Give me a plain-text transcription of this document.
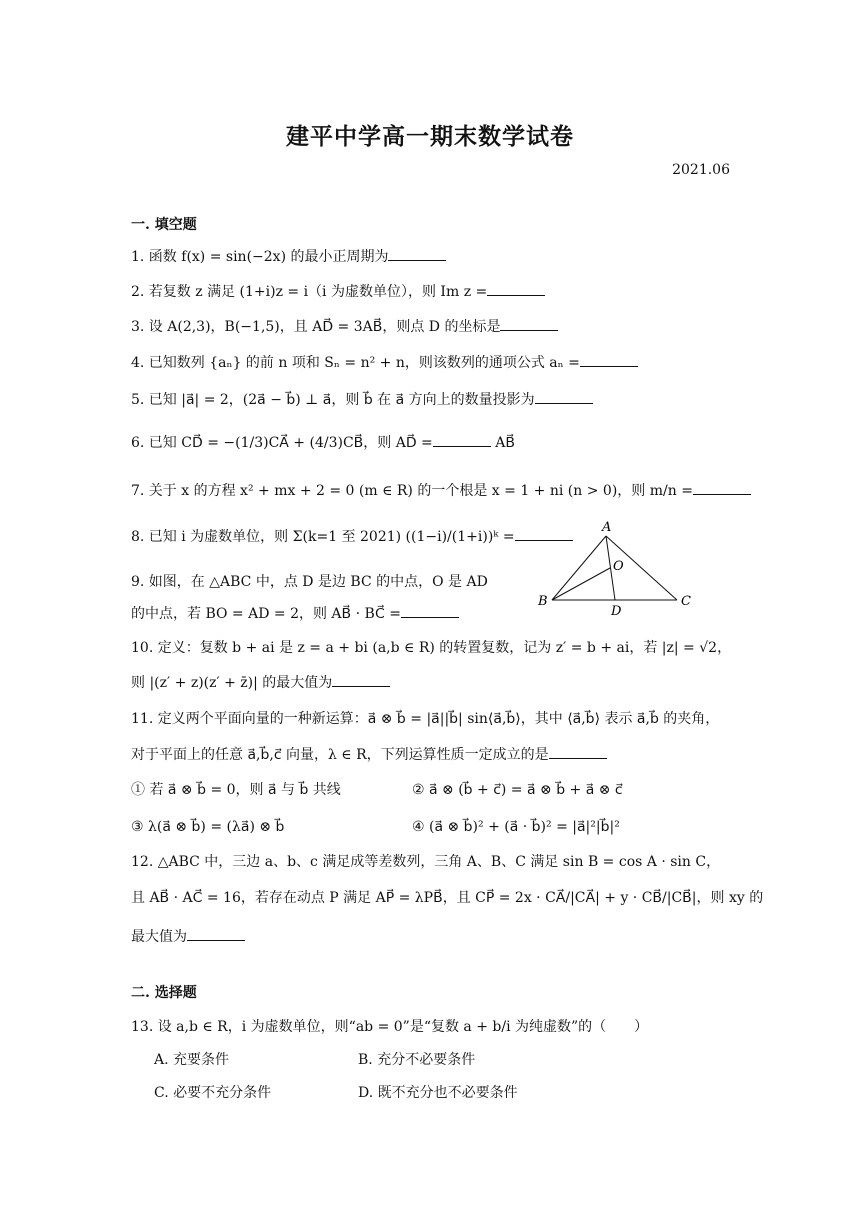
建平中学高一期末数学试卷
2021.06
一. 填空题
1. 函数 f(x) = sin(−2x) 的最小正周期为
2. 若复数 z 满足 (1+i)z = i（i 为虚数单位），则 Im z =
3. 设 A(2,3)，B(−1,5)，且 AD⃗ = 3AB⃗，则点 D 的坐标是
4. 已知数列 {aₙ} 的前 n 项和 Sₙ = n² + n，则该数列的通项公式 aₙ =
5. 已知 |a⃗| = 2，(2a⃗ − b⃗) ⊥ a⃗，则 b⃗ 在 a⃗ 方向上的数量投影为
6. 已知 CD⃗ = −(1/3)CA⃗ + (4/3)CB⃗，则 AD⃗ =	AB⃗
7. 关于 x 的方程 x² + mx + 2 = 0 (m ∈ R) 的一个根是 x = 1 + ni (n > 0)，则 m/n =
8. 已知 i 为虚数单位，则 Σ(k=1 至 2021) ((1−i)/(1+i))ᵏ =
9. 如图，在 △ABC 中，点 D 是边 BC 的中点，O 是 AD
的中点，若 BO = AD = 2，则 AB⃗ · BC⃗ =
A
B	C
D
O
10. 定义：复数 b + ai 是 z = a + bi (a,b ∈ R) 的转置复数，记为 z′ = b + ai，若 |z| = √2，
则 |(z′ + z)(z′ + z̄)| 的最大值为
11. 定义两个平面向量的一种新运算：a⃗ ⊗ b⃗ = |a⃗||b⃗| sin⟨a⃗,b⃗⟩，其中 ⟨a⃗,b⃗⟩ 表示 a⃗,b⃗ 的夹角，
对于平面上的任意 a⃗,b⃗,c⃗ 向量，λ ∈ R，下列运算性质一定成立的是
① 若 a⃗ ⊗ b⃗ = 0，则 a⃗ 与 b⃗ 共线	② a⃗ ⊗ (b⃗ + c⃗) = a⃗ ⊗ b⃗ + a⃗ ⊗ c⃗
③ λ(a⃗ ⊗ b⃗) = (λa⃗) ⊗ b⃗	④ (a⃗ ⊗ b⃗)² + (a⃗ · b⃗)² = |a⃗|²|b⃗|²
12. △ABC 中，三边 a、b、c 满足成等差数列，三角 A、B、C 满足 sin B = cos A · sin C，
且 AB⃗ · AC⃗ = 16，若存在动点 P 满足 AP⃗ = λPB⃗，且 CP⃗ = 2x · CA⃗/|CA⃗| + y · CB⃗/|CB⃗|，则 xy 的
最大值为
二. 选择题
13. 设 a,b ∈ R，i 为虚数单位，则“ab = 0”是“复数 a + b/i 为纯虚数”的（　　）
A. 充要条件	B. 充分不必要条件
C. 必要不充分条件	D. 既不充分也不必要条件
